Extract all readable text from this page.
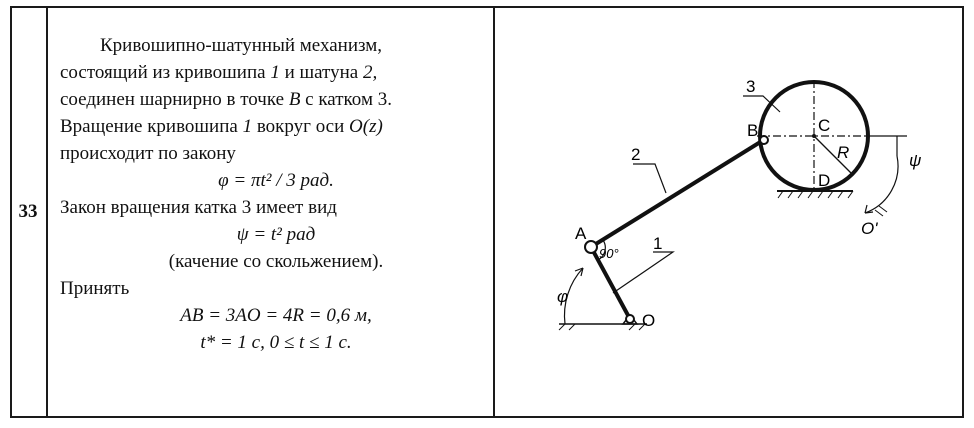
33
Кривошипно-шатунный механизм,
состоящий из кривошипа 1 и шатуна 2,
соединен шарнирно в точке B с катком 3.
Вращение кривошипа 1 вокруг оси O(z)
происходит по закону
φ = πt² / 3 рад.
Закон вращения катка 3 имеет вид
ψ = t² рад
(качение со скольжением).
Принять
AB = 3AO = 4R = 0,6 м,
t* = 1 с, 0 ≤ t ≤ 1 с.
3
B	C
D
R
2
A
90°
1
O
φ
ψ
O'
